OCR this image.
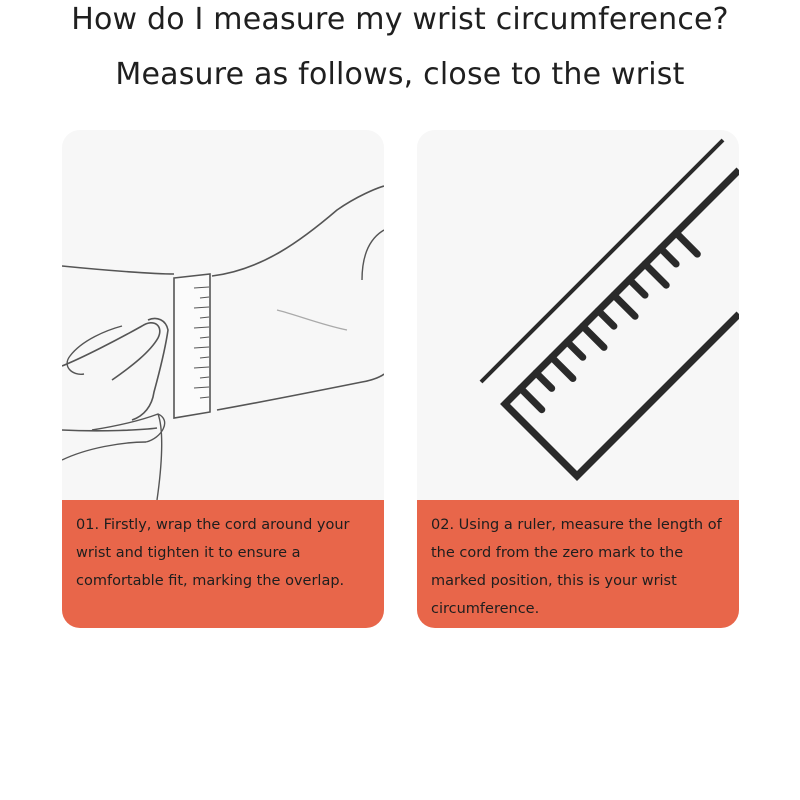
How do I measure my wrist circumference?
Measure as follows, close to the wrist
01. Firstly, wrap the cord around your wrist and tighten it to ensure a comfortable fit, marking the overlap.
02. Using a ruler, measure the length of the cord from the zero mark to the marked position, this is your wrist circumference.
